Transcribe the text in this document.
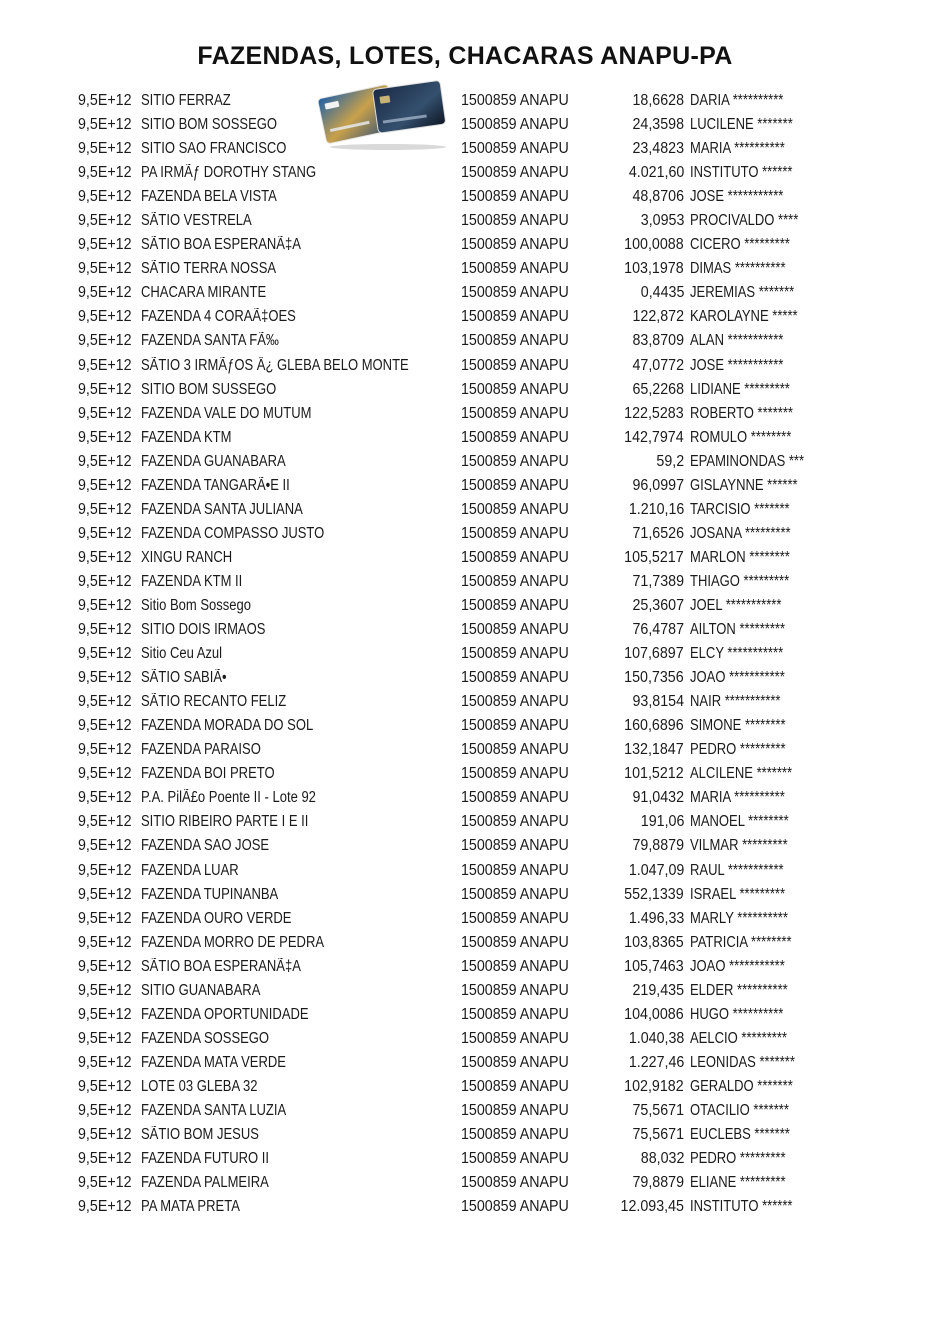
FAZENDAS, LOTES, CHACARAS ANAPU-PA
9,5E+12 SITIO FERRAZ	1500859 ANAPU	18,6628 DARIA **********
9,5E+12 SITIO BOM SOSSEGO	1500859 ANAPU	24,3598 LUCILENE *******
9,5E+12 SITIO SAO FRANCISCO	1500859 ANAPU	23,4823 MARIA **********
9,5E+12 PA IRMÃƒ DOROTHY STANG	1500859 ANAPU	4.021,60 INSTITUTO ******
9,5E+12 FAZENDA BELA VISTA	1500859 ANAPU	48,8706 JOSE ***********
9,5E+12 SÃTIO VESTRELA	1500859 ANAPU	3,0953 PROCIVALDO ****
9,5E+12 SÃTIO BOA ESPERANÃ‡A	1500859 ANAPU	100,0088 CICERO *********
9,5E+12 SÃTIO TERRA NOSSA	1500859 ANAPU	103,1978 DIMAS **********
9,5E+12 CHACARA MIRANTE	1500859 ANAPU	0,4435 JEREMIAS *******
9,5E+12 FAZENDA 4 CORAÃ‡OES	1500859 ANAPU	122,872 KAROLAYNE *****
9,5E+12 FAZENDA SANTA FÃ‰	1500859 ANAPU	83,8709 ALAN ***********
9,5E+12 SÃTIO 3 IRMÃƒOS Â¿ GLEBA BELO MONTE	1500859 ANAPU	47,0772 JOSE ***********
9,5E+12 SITIO BOM SUSSEGO	1500859 ANAPU	65,2268 LIDIANE *********
9,5E+12 FAZENDA VALE DO MUTUM	1500859 ANAPU	122,5283 ROBERTO *******
9,5E+12 FAZENDA KTM	1500859 ANAPU	142,7974 ROMULO ********
9,5E+12 FAZENDA GUANABARA	1500859 ANAPU	59,2 EPAMINONDAS ***
9,5E+12 FAZENDA TANGARÃ•E II	1500859 ANAPU	96,0997 GISLAYNNE ******
9,5E+12 FAZENDA SANTA JULIANA	1500859 ANAPU	1.210,16 TARCISIO *******
9,5E+12 FAZENDA COMPASSO JUSTO	1500859 ANAPU	71,6526 JOSANA *********
9,5E+12 XINGU RANCH	1500859 ANAPU	105,5217 MARLON ********
9,5E+12 FAZENDA KTM II	1500859 ANAPU	71,7389 THIAGO *********
9,5E+12 Sitio Bom Sossego	1500859 ANAPU	25,3607 JOEL ***********
9,5E+12 SITIO DOIS IRMAOS	1500859 ANAPU	76,4787 AILTON *********
9,5E+12 Sitio Ceu Azul	1500859 ANAPU	107,6897 ELCY ***********
9,5E+12 SÃTIO SABIÃ•	1500859 ANAPU	150,7356 JOAO ***********
9,5E+12 SÃTIO RECANTO FELIZ	1500859 ANAPU	93,8154 NAIR ***********
9,5E+12 FAZENDA MORADA DO SOL	1500859 ANAPU	160,6896 SIMONE ********
9,5E+12 FAZENDA PARAISO	1500859 ANAPU	132,1847 PEDRO *********
9,5E+12 FAZENDA BOI PRETO	1500859 ANAPU	101,5212 ALCILENE *******
9,5E+12 P.A. PilÃ£o Poente II - Lote 92	1500859 ANAPU	91,0432 MARIA **********
9,5E+12 SITIO RIBEIRO PARTE I E II	1500859 ANAPU	191,06 MANOEL ********
9,5E+12 FAZENDA SAO JOSE	1500859 ANAPU	79,8879 VILMAR *********
9,5E+12 FAZENDA LUAR	1500859 ANAPU	1.047,09 RAUL ***********
9,5E+12 FAZENDA TUPINANBA	1500859 ANAPU	552,1339 ISRAEL *********
9,5E+12 FAZENDA OURO VERDE	1500859 ANAPU	1.496,33 MARLY **********
9,5E+12 FAZENDA MORRO DE PEDRA	1500859 ANAPU	103,8365 PATRICIA ********
9,5E+12 SÃTIO BOA ESPERANÃ‡A	1500859 ANAPU	105,7463 JOAO ***********
9,5E+12 SITIO GUANABARA	1500859 ANAPU	219,435 ELDER **********
9,5E+12 FAZENDA OPORTUNIDADE	1500859 ANAPU	104,0086 HUGO **********
9,5E+12 FAZENDA SOSSEGO	1500859 ANAPU	1.040,38 AELCIO *********
9,5E+12 FAZENDA MATA VERDE	1500859 ANAPU	1.227,46 LEONIDAS *******
9,5E+12 LOTE 03 GLEBA 32	1500859 ANAPU	102,9182 GERALDO *******
9,5E+12 FAZENDA SANTA LUZIA	1500859 ANAPU	75,5671 OTACILIO *******
9,5E+12 SÃTIO BOM JESUS	1500859 ANAPU	75,5671 EUCLEBS *******
9,5E+12 FAZENDA FUTURO II	1500859 ANAPU	88,032 PEDRO *********
9,5E+12 FAZENDA PALMEIRA	1500859 ANAPU	79,8879 ELIANE *********
9,5E+12 PA MATA PRETA	1500859 ANAPU	12.093,45 INSTITUTO ******
